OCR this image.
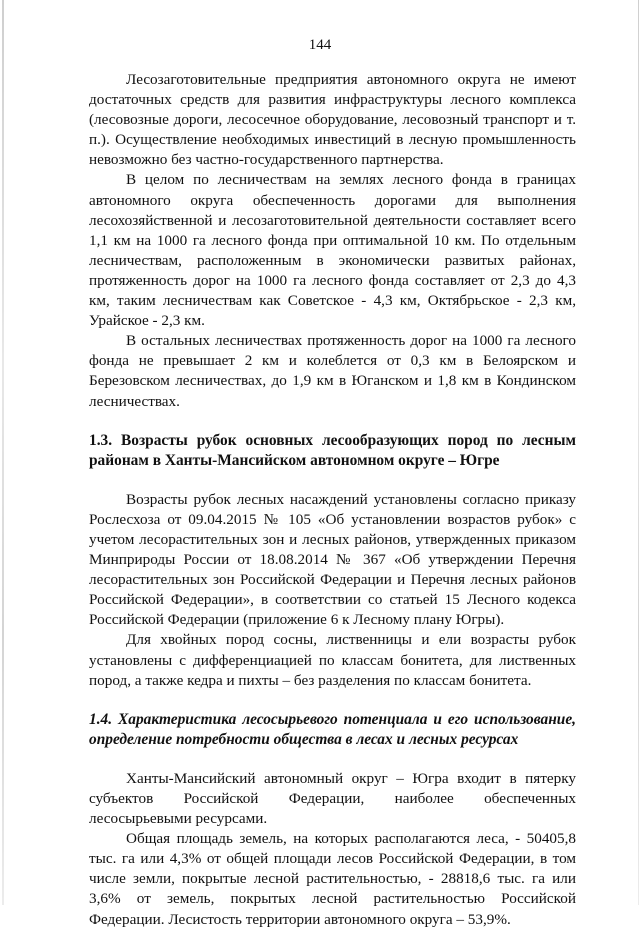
144

Лесозаготовительные предприятия автономного округа не имеют достаточных средств для развития инфраструктуры лесного комплекса (лесовозные дороги, лесосечное оборудование, лесовозный транспорт и т. п.). Осуществление необходимых инвестиций в лесную промышленность невозможно без частно-государственного партнерства.

В целом по лесничествам на землях лесного фонда в границах автономного округа обеспеченность дорогами для выполнения лесохозяйственной и лесозаготовительной деятельности составляет всего 1,1 км на 1000 га лесного фонда при оптимальной 10 км. По отдельным лесничествам, расположенным в экономически развитых районах, протяженность дорог на 1000 га лесного фонда составляет от 2,3 до 4,3 км, таким лесничествам как Советское - 4,3 км, Октябрьское - 2,3 км, Урайское - 2,3 км.

В остальных лесничествах протяженность дорог на 1000 га лесного фонда не превышает 2 км и колеблется от 0,3 км в Белоярском и Березовском лесничествах, до 1,9 км в Юганском и 1,8 км в Кондинском лесничествах.

1.3. Возрасты рубок основных лесообразующих пород по лесным районам в Ханты-Мансийском автономном округе – Югре

Возрасты рубок лесных насаждений установлены согласно приказу Рослесхоза от 09.04.2015 № 105 «Об установлении возрастов рубок» с учетом лесорастительных зон и лесных районов, утвержденных приказом Минприроды России от 18.08.2014 № 367 «Об утверждении Перечня лесорастительных зон Российской Федерации и Перечня лесных районов Российской Федерации», в соответствии со статьей 15 Лесного кодекса Российской Федерации (приложение 6 к Лесному плану Югры).

Для хвойных пород сосны, лиственницы и ели возрасты рубок установлены с дифференциацией по классам бонитета, для лиственных пород, а также кедра и пихты – без разделения по классам бонитета.

1.4. Характеристика лесосырьевого потенциала и его использование, определение потребности общества в лесах и лесных ресурсах

Ханты-Мансийский автономный округ – Югра входит в пятерку субъектов Российской Федерации, наиболее обеспеченных лесосырьевыми ресурсами.

Общая площадь земель, на которых располагаются леса, - 50405,8 тыс. га или 4,3% от общей площади лесов Российской Федерации, в том числе земли, покрытые лесной растительностью, - 28818,6 тыс. га или 3,6% от земель, покрытых лесной растительностью Российской Федерации. Лесистость территории автономного округа – 53,9%.
